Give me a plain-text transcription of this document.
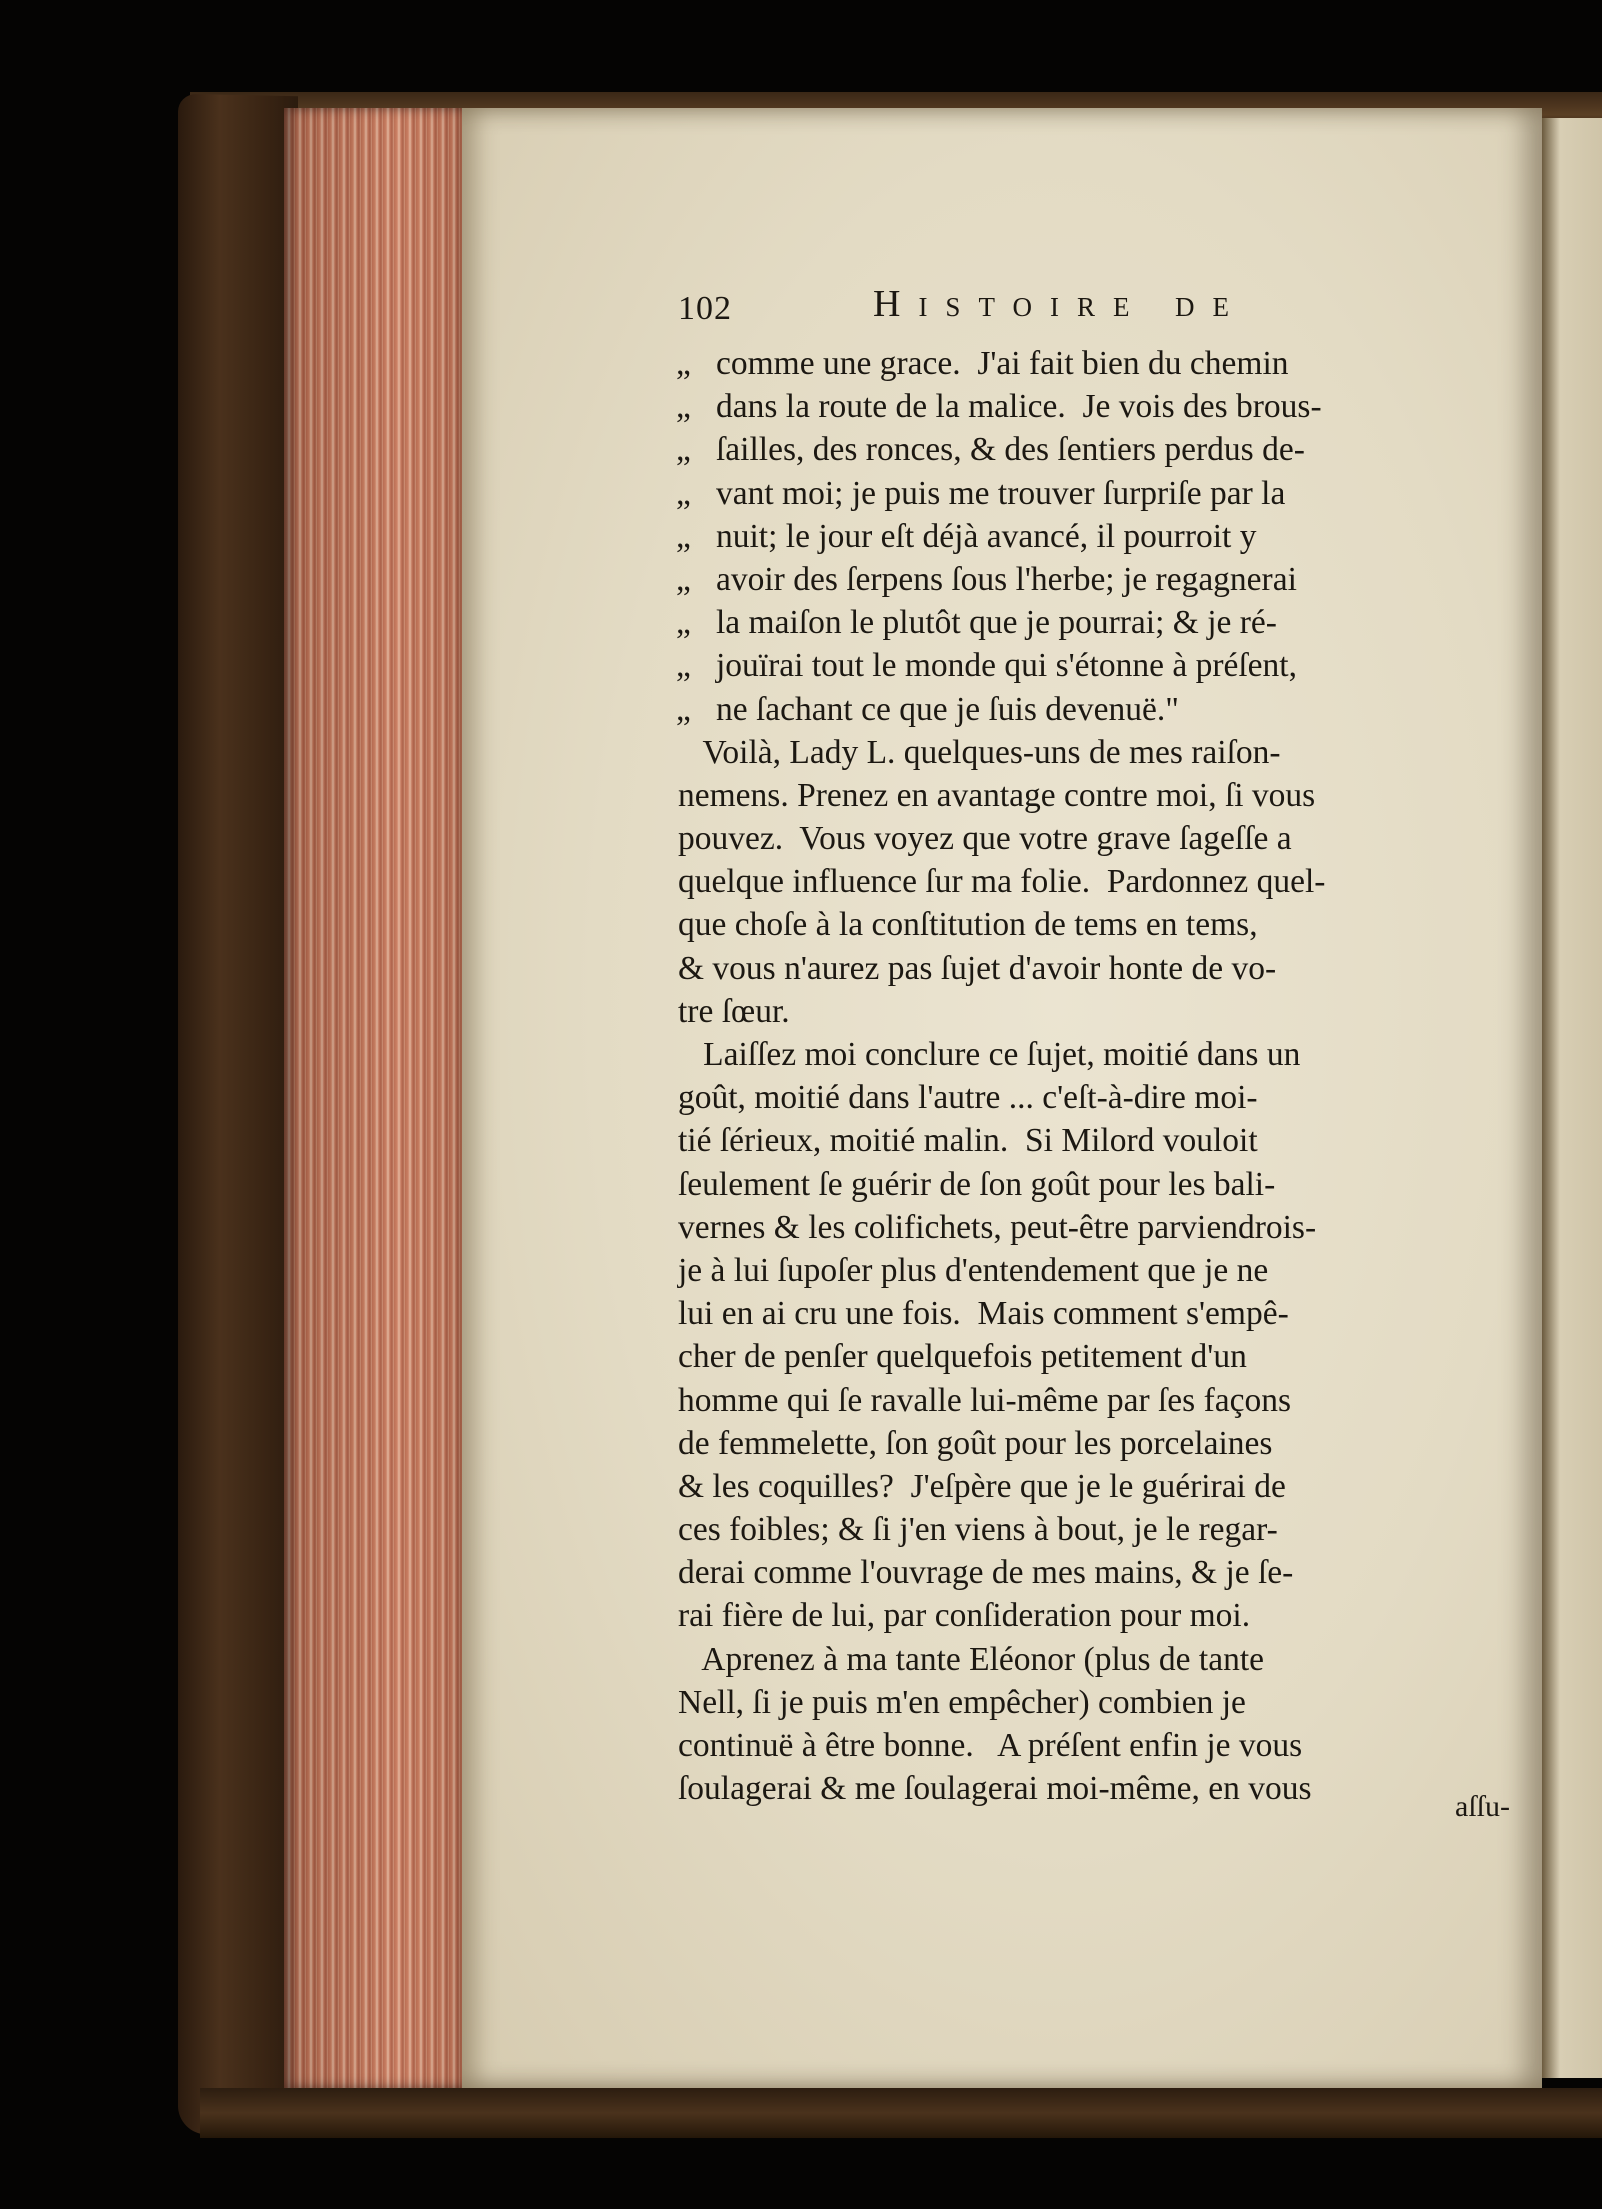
102	Histoire de
„ comme une grace.  J'ai fait bien du chemin
„ dans la route de la malice.  Je vois des brous-
„ ſailles, des ronces, & des ſentiers perdus de-
„ vant moi; je puis me trouver ſurpriſe par la
„ nuit; le jour eſt déjà avancé, il pourroit y
„ avoir des ſerpens ſous l'herbe; je regagnerai
„ la maiſon le plutôt que je pourrai; & je ré-
„ jouïrai tout le monde qui s'étonne à préſent,
„ ne ſachant ce que je ſuis devenuë."
Voilà, Lady L. quelques-uns de mes raiſon-
nemens. Prenez en avantage contre moi, ſi vous
pouvez.  Vous voyez que votre grave ſageſſe a
quelque influence ſur ma folie.  Pardonnez quel-
que choſe à la conſtitution de tems en tems,
& vous n'aurez pas ſujet d'avoir honte de vo-
tre ſœur.
Laiſſez moi conclure ce ſujet, moitié dans un
goût, moitié dans l'autre ... c'eſt-à-dire moi-
tié ſérieux, moitié malin.  Si Milord vouloit
ſeulement ſe guérir de ſon goût pour les bali-
vernes & les colifichets, peut-être parviendrois-
je à lui ſupoſer plus d'entendement que je ne
lui en ai cru une fois.  Mais comment s'empê-
cher de penſer quelquefois petitement d'un
homme qui ſe ravalle lui-même par ſes façons
de femmelette, ſon goût pour les porcelaines
& les coquilles?  J'eſpère que je le guérirai de
ces foibles; & ſi j'en viens à bout, je le regar-
derai comme l'ouvrage de mes mains, & je ſe-
rai fière de lui, par conſideration pour moi.
Aprenez à ma tante Eléonor (plus de tante
Nell, ſi je puis m'en empêcher) combien je
continuë à être bonne.   A préſent enfin je vous
ſoulagerai & me ſoulagerai moi-même, en vous	aſſu-
